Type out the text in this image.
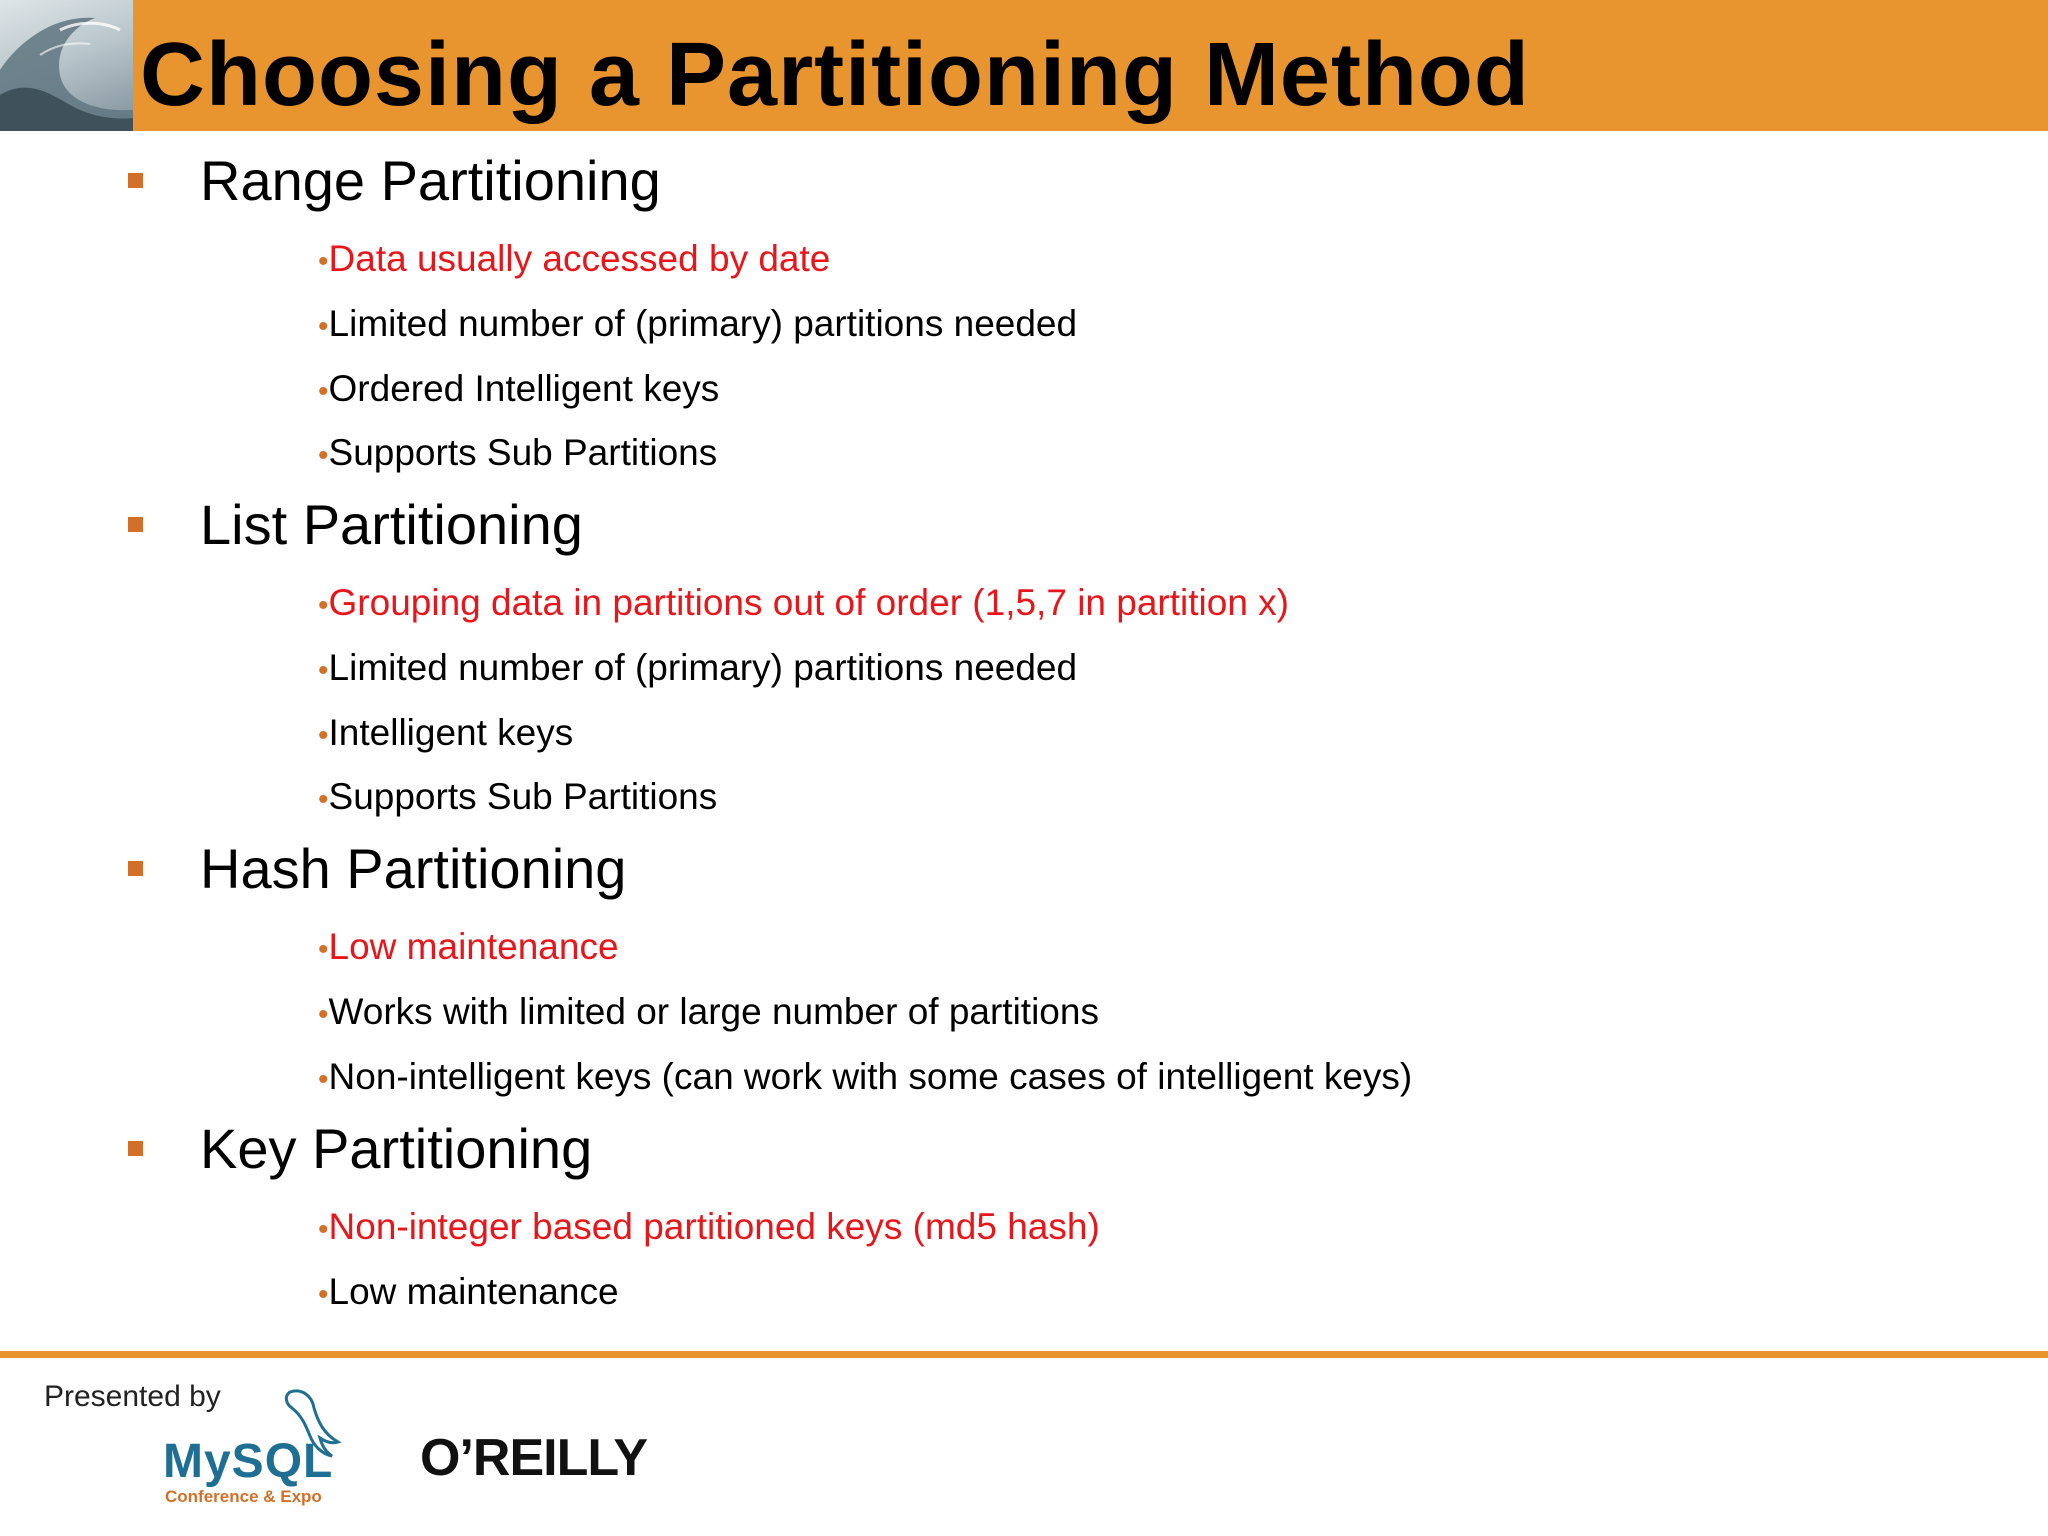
Choosing a Partitioning Method
Range Partitioning
•Data usually accessed by date
•Limited number of (primary) partitions needed
•Ordered Intelligent keys
•Supports Sub Partitions
List Partitioning
•Grouping data in partitions out of order (1,5,7 in partition x)
•Limited number of (primary) partitions needed
•Intelligent keys
•Supports Sub Partitions
Hash Partitioning
•Low maintenance
•Works with limited or large number of partitions
•Non-intelligent keys (can work with some cases of intelligent keys)
Key Partitioning
•Non-integer based partitioned keys (md5 hash)
•Low maintenance
Presented by
MySQL
Conference & Expo
O’REILLY
